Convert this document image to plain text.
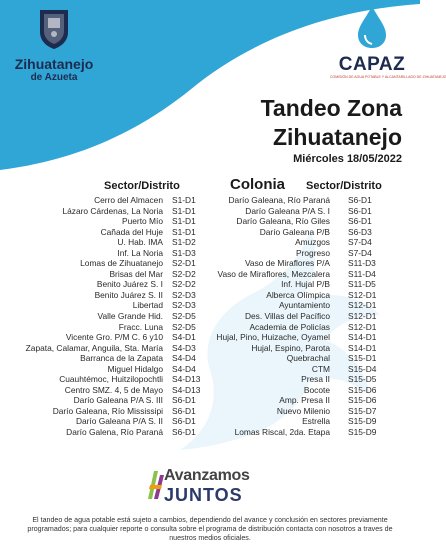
Zihuatanejo
de Azueta
CAPAZ
COMISIÓN DE AGUA POTABLE Y ALCANTARILLADO DE ZIHUATANEJO
Tandeo Zona
Zihuatanejo
Miércoles 18/05/2022
Sector/Distrito	Colonia Sector/Distrito
Cerro del Almacen S1-D1	Darío Galeana, Río Paraná S6-D1
Lázaro Cárdenas, La Noria S1-D1	Darío Galeana P/A S. I S6-D1
Puerto Mío S1-D1	Darío Galeana, Río Giles S6-D1
Cañada del Huje S1-D1	Darío Galeana P/B S6-D3
U. Hab. IMA S1-D2	Amuzgos S7-D4
Inf. La Noria S1-D3	Progreso S7-D4
Lomas de Zihuatanejo S2-D1	Vaso de Miraflores P/A S11-D3
Brisas del Mar S2-D2	Vaso de Miraflores, Mezcalera S11-D4
Benito Juárez S. I S2-D2	Inf. Hujal P/B S11-D5
Benito Juárez S. II S2-D3	Alberca Olímpica S12-D1
Libertad S2-D3	Ayuntamiento S12-D1
Valle Grande Hid. S2-D5	Des. Villas del Pacífico S12-D1
Fracc. Luna S2-D5	Academia de Policías S12-D1
Vicente Gro. P/M C. 6 y10 S4-D1 Hujal, Pino, Huizache, Oyamel S14-D1
Zapata, Calamar, Anguila, Sta. María S4-D3	Hujal, Espino, Parota S14-D1
Barranca de la Zapata S4-D4	Quebrachal S15-D1
Miguel Hidalgo S4-D4	CTM S15-D4
Cuauhtémoc, Huitzilopochtli S4-D13	Presa II S15-D5
Centro SMZ. 4, 5 de Mayo S4-D13	Bocote S15-D6
Darío Galeana P/A S. III S6-D1	Amp. Presa II S15-D6
Darío Galeana, Río Mississipi S6-D1	Nuevo Milenio S15-D7
Darío Galeana P/A S. II S6-D1	Estrella S15-D9
Darío Galena, Río Paraná S6-D1	Lomas Riscal, 2da. Etapa S15-D9
Avanzamos
JUNTOS
El tandeo de agua potable está sujeto a cambios, dependiendo del avance y conclusión en sectores previamente programados; para cualquier reporte o consulta sobre el programa de distribución contacta con nosotros a traves de nuestros medios oficiales.
